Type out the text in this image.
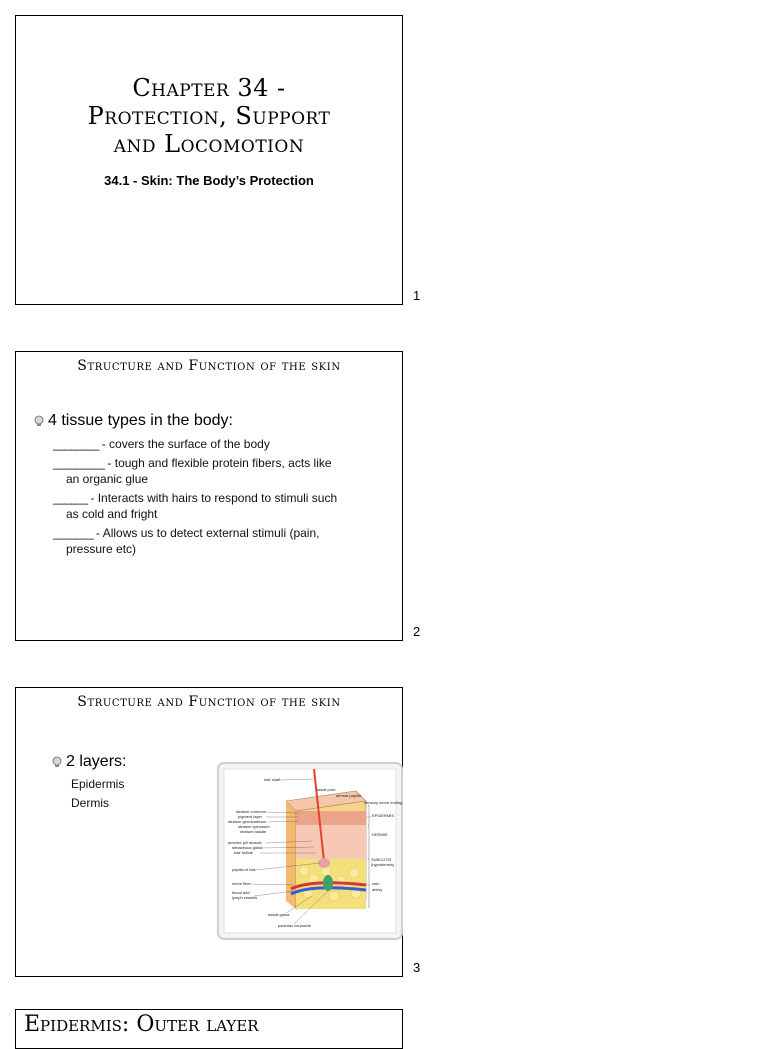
Chapter 34 -
Protection, Support
and Locomotion
34.1 - Skin: The Body’s Protection
1
Structure and Function of the skin
4 tissue types in the body:
________ - covers the surface of the body
_________ - tough and flexible protein fibers, acts like
an organic glue
______ - Interacts with hairs to respond to stimuli such
as cold and fright
_______ - Allows us to detect external stimuli (pain,
pressure etc)
2
Structure and Function of the skin
2 layers:
Epidermis
Dermis
hair shaft
sweat pore
dermal papilla
sensory nerve ending
stratum corneum
pigment layer
stratum germinativum
stratum spinosum
stratum basale
arrector pili muscle
sebaceous gland
hair follicle
papilla of hair
nerve fiber
blood and
lymph vessels
sweat gland
pacinian corpuscle
EPIDERMIS
DERMIS
SUBCUTIS
(hypodermis)
vein
artery
3
Epidermis: Outer layer
